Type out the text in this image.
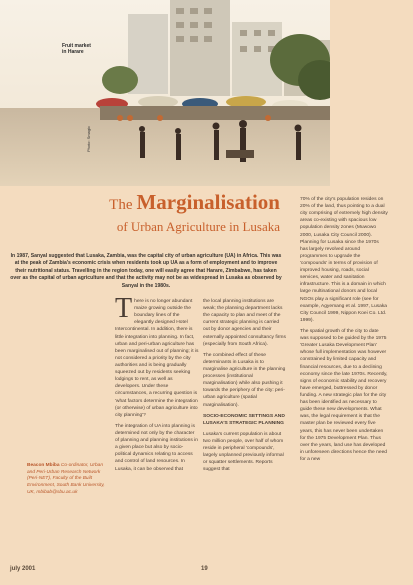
Fruit market
in Harare
Photo: Smagic
The Marginalisation
of Urban Agriculture in Lusaka
In 1987, Sanyal suggested that Lusaka, Zambia, was the capital city of urban agriculture (UA) in Africa. This was at the peak of Zambia's economic crisis when residents took up UA as a form of employment and to improve their nutritional status. Travelling in the region today, one will easily agree that Harare, Zimbabwe, has taken over as the capital of urban agriculture and that the activity may not be as widespread in Lusaka as observed by Sanyal in the 1980s.

T here is no longer abundant maize growing outside the boundary lines of the elegantly designed Hotel Intercontinental. In addition, there is little integration into planning. In fact, urban and peri-urban agriculture has been marginalised out of planning; it is not considered a priority by the city authorities and is being gradually squeezed out by residents seeking lodgings to rent, as well as developers. Under these circumstances, a recurring question is 'what factors determine the integration (or otherwise) of urban agriculture into city planning'?

The integration of UA into planning is determined not only by the character of planning and planning institutions in a given place but also by socio-political dynamics relating to access and control of land resources. In Lusaka, it can be observed that

the local planning institutions are weak; the planning department lacks the capacity to plan and meet of the current strategic planning is carried out by donor agencies and their externally appointed consultancy firms (especially from South Africa).

The combined effect of these determinants in Lusaka is to marginalise agriculture in the planning processes (institutional marginalisation) while also pushing it towards the periphery of the city: peri-urban agriculture (spatial marginalisation).

SOCIO-ECONOMIC SETTINGS AND LUSAKA'S STRATEGIC PLANNING

Lusaka's current population is about two million people, over half of whom reside in peripheral 'compounds', largely unplanned previously informal or squatter settlements. Reports suggest that

70% of the city's population resides on 20% of the land, thus pointing to a dual city comprising of extremely high density areas co-existing with spacious low population density zones (Muwowo 2000, Lusaka City Council 2000). Planning for Lusaka since the 1970s has largely revolved around programmes to upgrade the 'compounds' in terms of provision of improved housing, roads, social services, water and sanitation infrastructure. This is a domain in which large multinational donors and local NGOs play a significant role (see for example, Agyemang et al. 1997, Lusaka City Council 1999, Nippon Koei Co. Ltd. 1999).

The spatial growth of the city to date was supposed to be guided by the 1975 'Greater Lusaka Development Plan' whose full implementation was however constrained by limited capacity and financial resources, due to a declining economy since the late 1970s. Recently, signs of economic stability and recovery have emerged, buttressed by donor funding. A new strategic plan for the city has been identified as necessary to guide these new developments. What was, the legal requirement is that the master plan be reviewed every five years, this has never been undertaken for the 1975 Development Plan. Thus over the years, land use has developed in unforeseen directions hence the need for a new

Beacon Mbiba Co-ordinator, Urban and Peri-Urban Research Network (Peri-NET), Faculty of the Built Environment, South Bank University, UK, mbibab@sbu.ac.uk
july 2001	19
